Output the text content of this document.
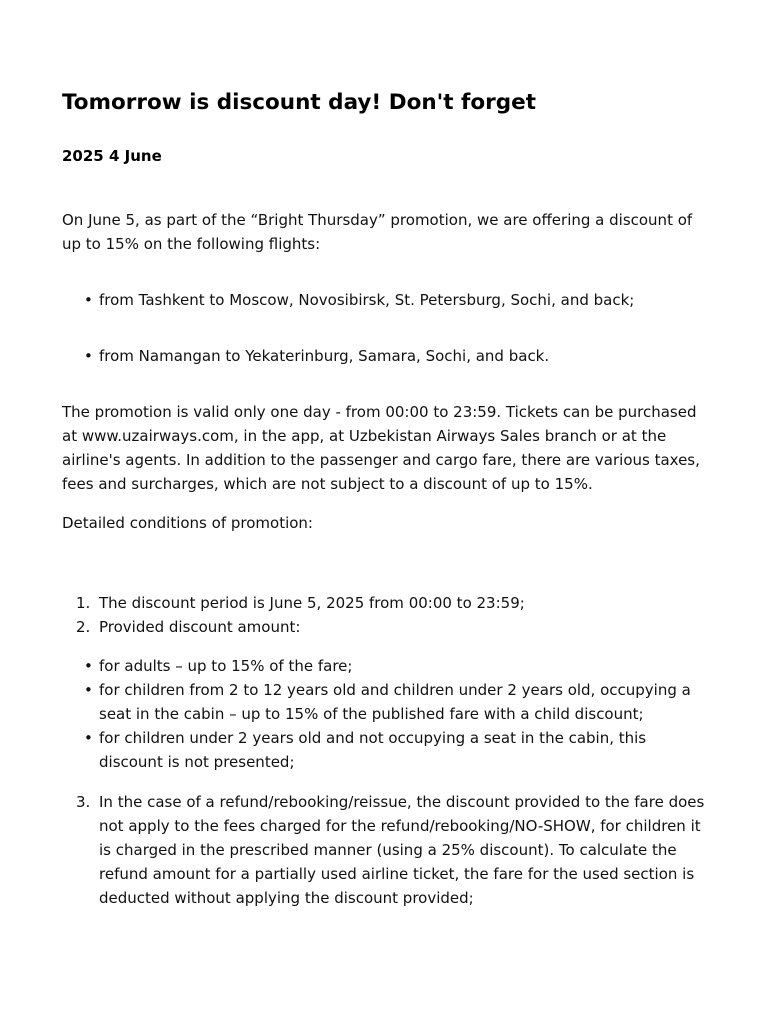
Tomorrow is discount day! Don't forget
2025 4 June

On June 5, as part of the “Bright Thursday” promotion, we are offering a discount of up to 15% on the following flights:

• from Tashkent to Moscow, Novosibirsk, St. Petersburg, Sochi, and back;
• from Namangan to Yekaterinburg, Samara, Sochi, and back.

The promotion is valid only one day - from 00:00 to 23:59. Tickets can be purchased at www.uzairways.com, in the app, at Uzbekistan Airways Sales branch or at the airline's agents. In addition to the passenger and cargo fare, there are various taxes, fees and surcharges, which are not subject to a discount of up to 15%.

Detailed conditions of promotion:

1. The discount period is June 5, 2025 from 00:00 to 23:59;
2. Provided discount amount:
• for adults – up to 15% of the fare;
• for children from 2 to 12 years old and children under 2 years old, occupying a seat in the cabin – up to 15% of the published fare with a child discount;
• for children under 2 years old and not occupying a seat in the cabin, this discount is not presented;
3. In the case of a refund/rebooking/reissue, the discount provided to the fare does not apply to the fees charged for the refund/rebooking/NO-SHOW, for children it is charged in the prescribed manner (using a 25% discount). To calculate the refund amount for a partially used airline ticket, the fare for the used section is deducted without applying the discount provided;
